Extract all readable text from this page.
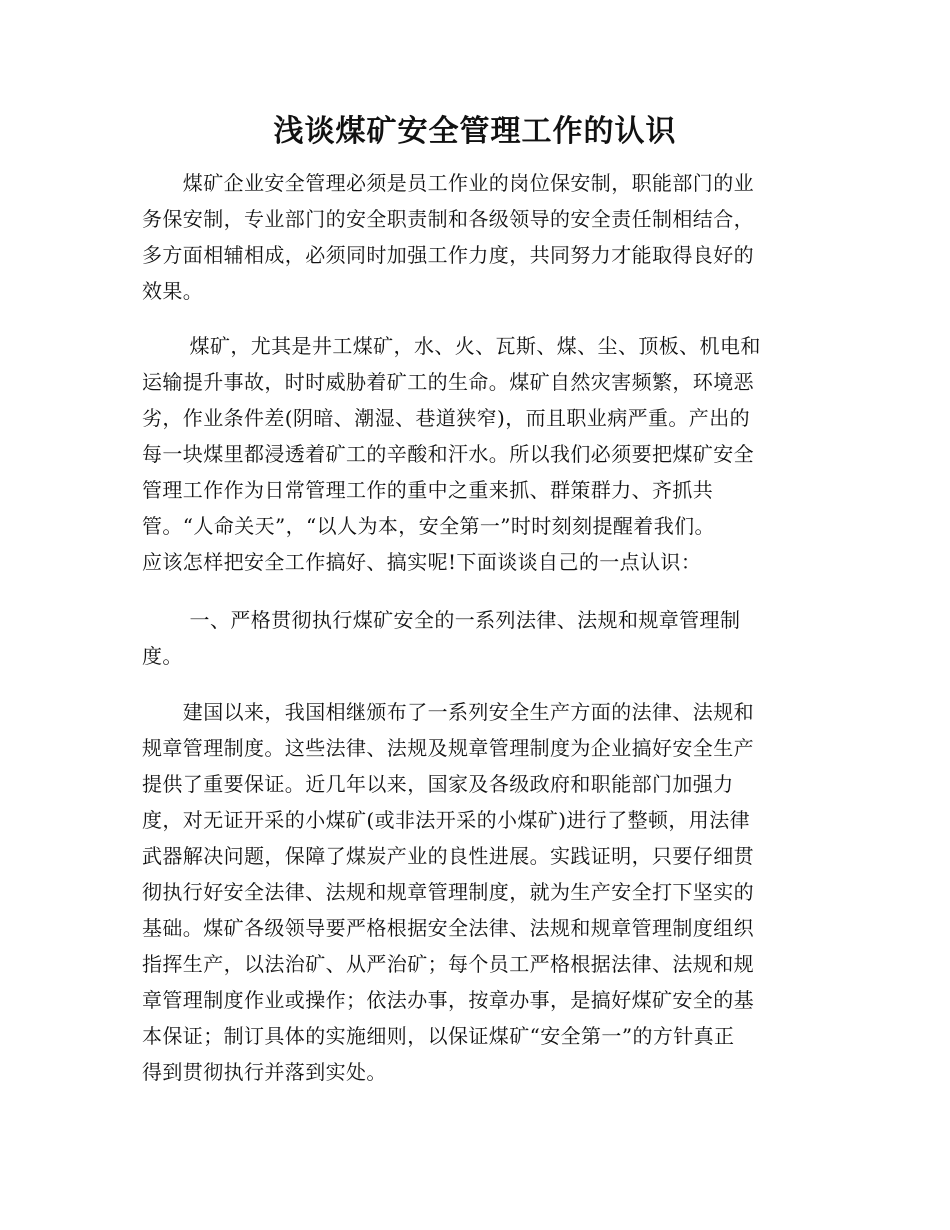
浅谈煤矿安全管理工作的认识
　　煤矿企业安全管理必须是员工作业的岗位保安制，职能部门的业
务保安制，专业部门的安全职责制和各级领导的安全责任制相结合，
多方面相辅相成，必须同时加强工作力度，共同努力才能取得良好的
效果。
　　 煤矿，尤其是井工煤矿，水、火、瓦斯、煤、尘、顶板、机电和
运输提升事故，时时威胁着矿工的生命。煤矿自然灾害频繁，环境恶
劣，作业条件差(阴暗、潮湿、巷道狭窄)，而且职业病严重。产出的
每一块煤里都浸透着矿工的辛酸和汗水。所以我们必须要把煤矿安全
管理工作作为日常管理工作的重中之重来抓、群策群力、齐抓共
管。“人命关天”，“以人为本，安全第一”时时刻刻提醒着我们。
应该怎样把安全工作搞好、搞实呢!下面谈谈自己的一点认识：
　　 一、严格贯彻执行煤矿安全的一系列法律、法规和规章管理制
度。
　　建国以来，我国相继颁布了一系列安全生产方面的法律、法规和
规章管理制度。这些法律、法规及规章管理制度为企业搞好安全生产
提供了重要保证。近几年以来，国家及各级政府和职能部门加强力
度，对无证开采的小煤矿(或非法开采的小煤矿)进行了整顿，用法律
武器解决问题，保障了煤炭产业的良性进展。实践证明，只要仔细贯
彻执行好安全法律、法规和规章管理制度，就为生产安全打下坚实的
基础。煤矿各级领导要严格根据安全法律、法规和规章管理制度组织
指挥生产，以法治矿、从严治矿；每个员工严格根据法律、法规和规
章管理制度作业或操作；依法办事，按章办事，是搞好煤矿安全的基
本保证；制订具体的实施细则，以保证煤矿“安全第一”的方针真正
得到贯彻执行并落到实处。
